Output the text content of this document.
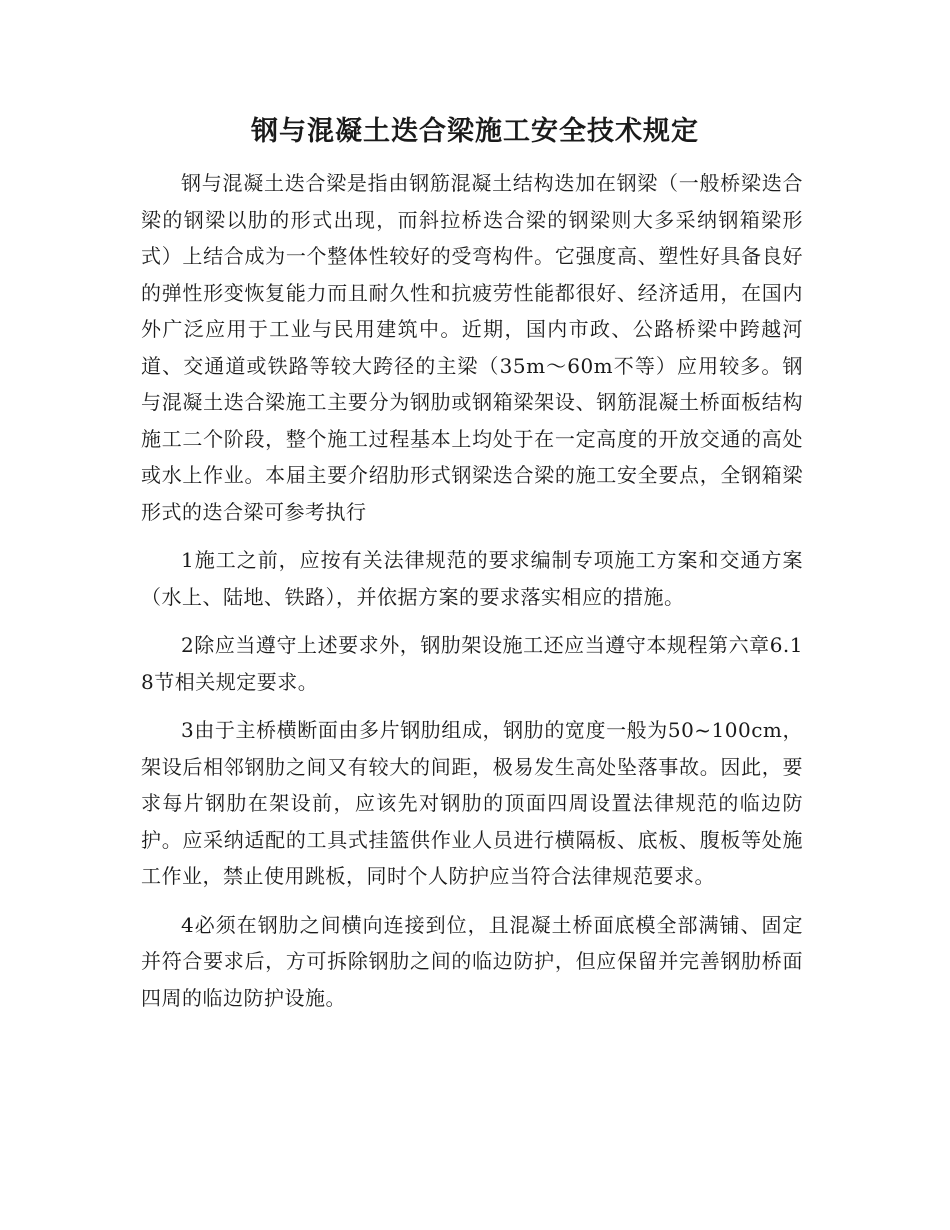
钢与混凝土迭合梁施工安全技术规定

钢与混凝土迭合梁是指由钢筋混凝土结构迭加在钢梁（一般桥梁迭合梁的钢梁以肋的形式出现，而斜拉桥迭合梁的钢梁则大多采纳钢箱梁形式）上结合成为一个整体性较好的受弯构件。它强度高、塑性好具备良好的弹性形变恢复能力而且耐久性和抗疲劳性能都很好、经济适用，在国内外广泛应用于工业与民用建筑中。近期，国内市政、公路桥梁中跨越河道、交通道或铁路等较大跨径的主梁（35m～60m不等）应用较多。钢与混凝土迭合梁施工主要分为钢肋或钢箱梁架设、钢筋混凝土桥面板结构施工二个阶段，整个施工过程基本上均处于在一定高度的开放交通的高处或水上作业。本届主要介绍肋形式钢梁迭合梁的施工安全要点，全钢箱梁形式的迭合梁可参考执行

1施工之前，应按有关法律规范的要求编制专项施工方案和交通方案（水上、陆地、铁路），并依据方案的要求落实相应的措施。

2除应当遵守上述要求外，钢肋架设施工还应当遵守本规程第六章6.18节相关规定要求。

3由于主桥横断面由多片钢肋组成，钢肋的宽度一般为50~100cm，架设后相邻钢肋之间又有较大的间距，极易发生高处坠落事故。因此，要求每片钢肋在架设前，应该先对钢肋的顶面四周设置法律规范的临边防护。应采纳适配的工具式挂篮供作业人员进行横隔板、底板、腹板等处施工作业，禁止使用跳板，同时个人防护应当符合法律规范要求。

4必须在钢肋之间横向连接到位，且混凝土桥面底模全部满铺、固定并符合要求后，方可拆除钢肋之间的临边防护，但应保留并完善钢肋桥面四周的临边防护设施。
